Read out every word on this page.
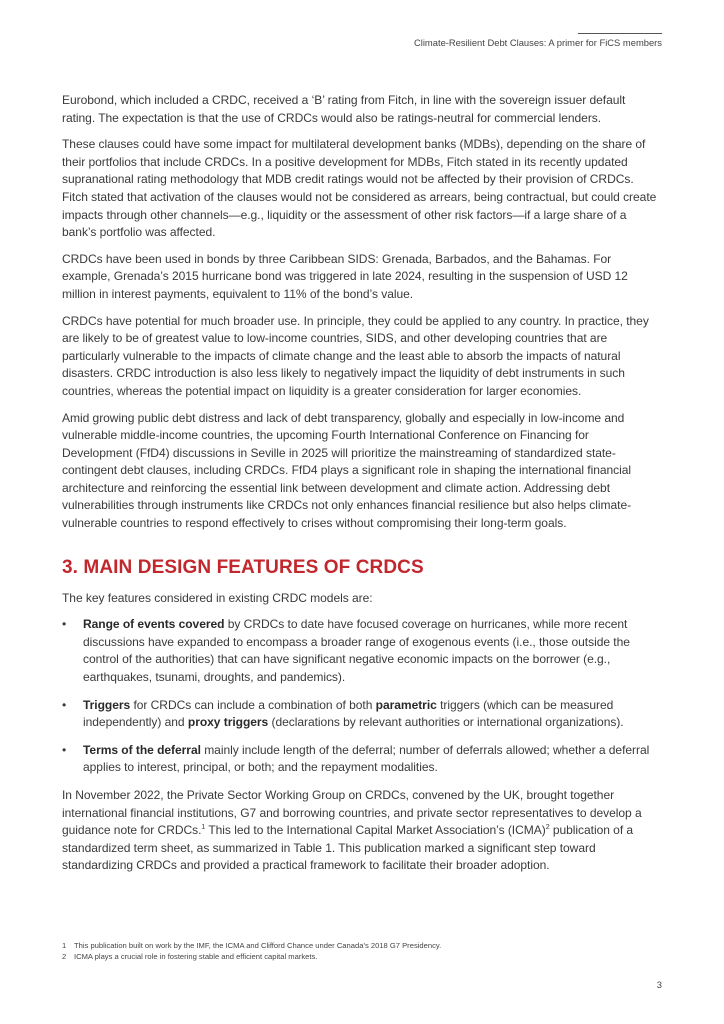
Climate-Resilient Debt Clauses: A primer for FiCS members

Eurobond, which included a CRDC, received a ‘B’ rating from Fitch, in line with the sovereign issuer default rating. The expectation is that the use of CRDCs would also be ratings-neutral for commercial lenders.

These clauses could have some impact for multilateral development banks (MDBs), depending on the share of their portfolios that include CRDCs. In a positive development for MDBs, Fitch stated in its recently updated supranational rating methodology that MDB credit ratings would not be affected by their provision of CRDCs. Fitch stated that activation of the clauses would not be considered as arrears, being contractual, but could create impacts through other channels—e.g., liquidity or the assessment of other risk factors—if a large share of a bank’s portfolio was affected.

CRDCs have been used in bonds by three Caribbean SIDS: Grenada, Barbados, and the Bahamas. For example, Grenada’s 2015 hurricane bond was triggered in late 2024, resulting in the suspension of USD 12 million in interest payments, equivalent to 11% of the bond’s value.

CRDCs have potential for much broader use. In principle, they could be applied to any country. In practice, they are likely to be of greatest value to low-income countries, SIDS, and other developing countries that are particularly vulnerable to the impacts of climate change and the least able to absorb the impacts of natural disasters. CRDC introduction is also less likely to negatively impact the liquidity of debt instruments in such countries, whereas the potential impact on liquidity is a greater consideration for larger economies.

Amid growing public debt distress and lack of debt transparency, globally and especially in low-income and vulnerable middle-income countries, the upcoming Fourth International Conference on Financing for Development (FfD4) discussions in Seville in 2025 will prioritize the mainstreaming of standardized state-contingent debt clauses, including CRDCs. FfD4 plays a significant role in shaping the international financial architecture and reinforcing the essential link between development and climate action. Addressing debt vulnerabilities through instruments like CRDCs not only enhances financial resilience but also helps climate-vulnerable countries to respond effectively to crises without compromising their long-term goals.

3. MAIN DESIGN FEATURES OF CRDCS

The key features considered in existing CRDC models are:

• Range of events covered by CRDCs to date have focused coverage on hurricanes, while more recent discussions have expanded to encompass a broader range of exogenous events (i.e., those outside the control of the authorities) that can have significant negative economic impacts on the borrower (e.g., earthquakes, tsunami, droughts, and pandemics).
• Triggers for CRDCs can include a combination of both parametric triggers (which can be measured independently) and proxy triggers (declarations by relevant authorities or international organizations).
• Terms of the deferral mainly include length of the deferral; number of deferrals allowed; whether a deferral applies to interest, principal, or both; and the repayment modalities.

In November 2022, the Private Sector Working Group on CRDCs, convened by the UK, brought together international financial institutions, G7 and borrowing countries, and private sector representatives to develop a guidance note for CRDCs.$^1$ This led to the International Capital Market Association’s (ICMA)$^2$ publication of a standardized term sheet, as summarized in Table 1. This publication marked a significant step toward standardizing CRDCs and provided a practical framework to facilitate their broader adoption.

1 This publication built on work by the IMF, the ICMA and Clifford Chance under Canada’s 2018 G7 Presidency.
2 ICMA plays a crucial role in fostering stable and efficient capital markets.
3
